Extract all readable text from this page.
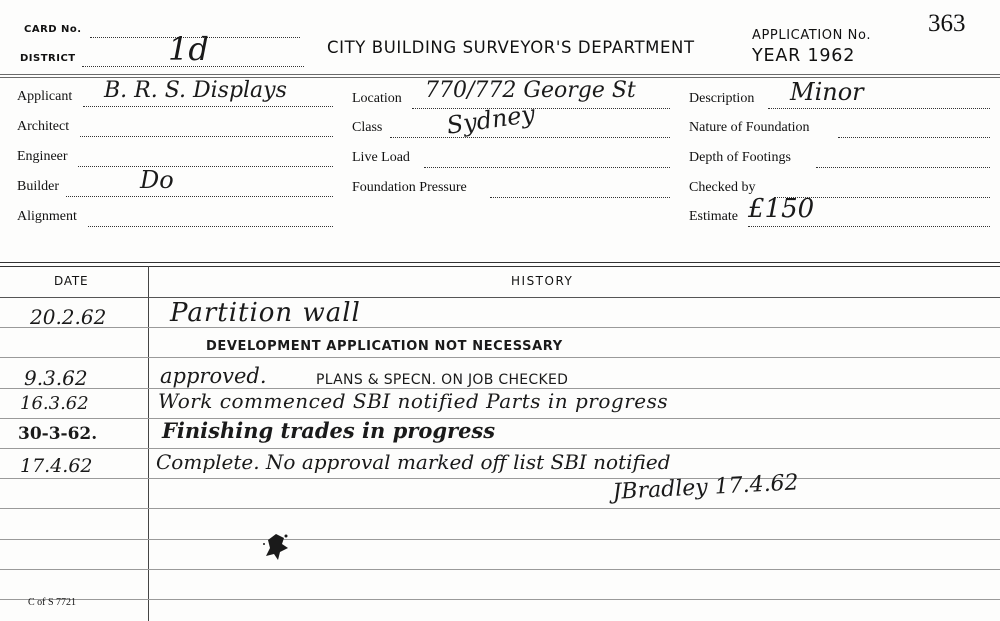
CARD No.
DISTRICT	1d	CITY BUILDING SURVEYOR'S DEPARTMENT
APPLICATION No. 363
YEAR 1962
Applicant B. R. S. Displays
Architect
Engineer
Builder	Do
Alignment
Location 770/772 George St
Class	Sydney
Live Load
Foundation Pressure
Description Minor
Nature of Foundation
Depth of Footings
Checked by
Estimate £150
DATE	HISTORY
20.2.62 Partition wall
DEVELOPMENT APPLICATION NOT NECESSARY
9.3.62	approved.	PLANS & SPECN. ON JOB CHECKED
16.3.62	Work commenced SBI notified Parts in progress
30-3-62.	Finishing trades in progress
17.4.62	Complete. No approval marked off list SBI notified
JBradley 17.4.62
C of S 7721
